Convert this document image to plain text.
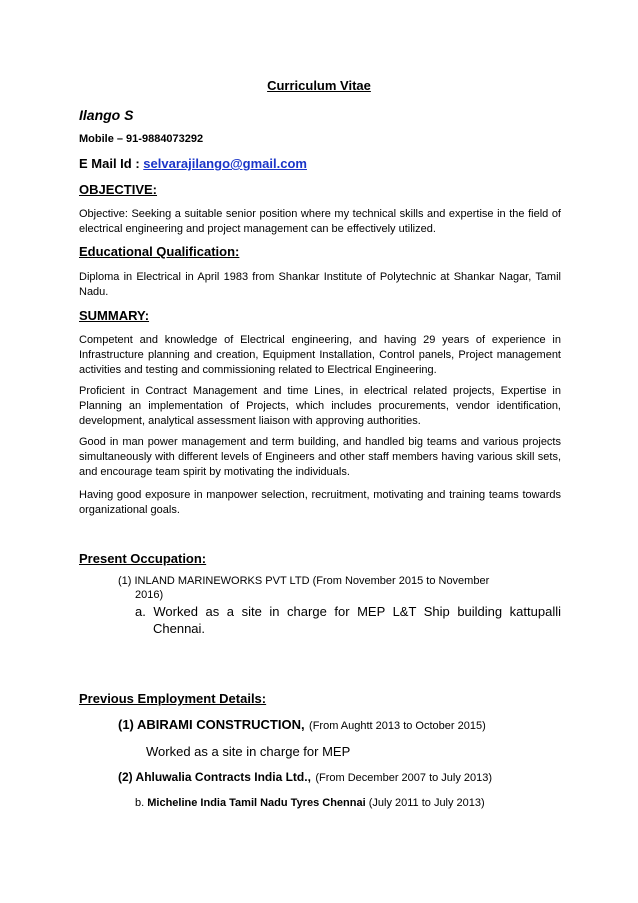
Curriculum Vitae
Ilango S
Mobile – 91-9884073292
E Mail Id : selvarajilango@gmail.com
OBJECTIVE:
Objective: Seeking a suitable senior position where my technical skills and expertise in the field of electrical engineering and project management can be effectively utilized.
Educational Qualification:
Diploma in Electrical in April 1983 from Shankar Institute of Polytechnic at Shankar Nagar, Tamil Nadu.
SUMMARY:
Competent and knowledge of Electrical engineering, and having 29 years of experience in Infrastructure planning and creation, Equipment Installation, Control panels, Project management activities and testing and commissioning related to Electrical Engineering.
Proficient in Contract Management and time Lines, in electrical related projects, Expertise in Planning an implementation of Projects, which includes procurements, vendor identification, development, analytical assessment liaison with approving authorities.
Good in man power management and term building, and handled big teams and various projects simultaneously with different levels of Engineers and other staff members having various skill sets, and encourage team spirit by motivating the individuals.
Having good exposure in manpower selection, recruitment, motivating and training teams towards organizational goals.
Present Occupation:
(1) INLAND MARINEWORKS PVT LTD (From November 2015 to November
2016)
a. Worked as a site in charge for MEP L&T Ship building kattupalli
Chennai.
Previous Employment Details:
(1) ABIRAMI CONSTRUCTION, (From Aughtt 2013 to October 2015)
Worked as a site in charge for MEP
(2) Ahluwalia Contracts India Ltd., (From December 2007 to July 2013)
b. Micheline India Tamil Nadu Tyres Chennai (July 2011 to July 2013)
